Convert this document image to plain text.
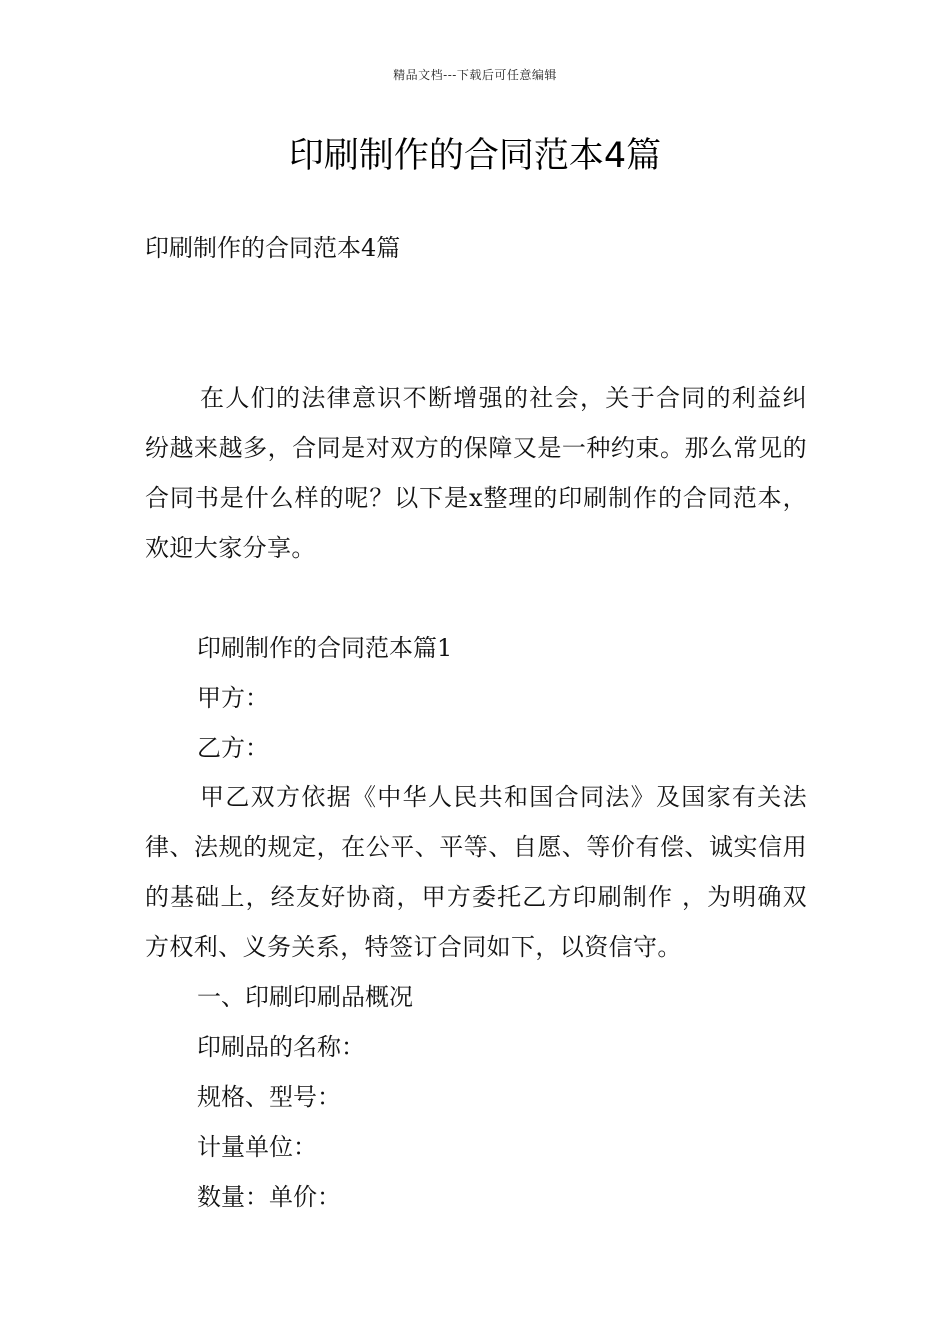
精品文档---下载后可任意编辑
印刷制作的合同范本4篇
印刷制作的合同范本4篇

在人们的法律意识不断增强的社会，关于合同的利益纠纷越来越多，合同是对双方的保障又是一种约束。那么常见的合同书是什么样的呢？以下是x整理的印刷制作的合同范本，欢迎大家分享。

印刷制作的合同范本篇1
甲方：
乙方：

甲乙双方依据《中华人民共和国合同法》及国家有关法律、法规的规定，在公平、平等、自愿、等价有偿、诚实信用的基础上，经友好协商，甲方委托乙方印刷制作 ，为明确双方权利、义务关系，特签订合同如下，以资信守。

一、印刷印刷品概况
印刷品的名称：
规格、型号：
计量单位：
数量：单价：
